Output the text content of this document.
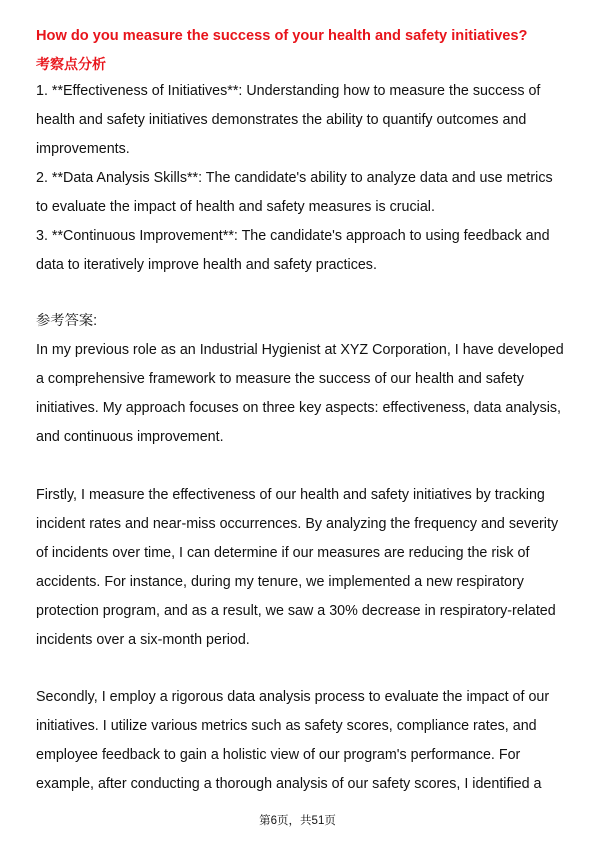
How do you measure the success of your health and safety initiatives?
考察点分析

1. **Effectiveness of Initiatives**: Understanding how to measure the success of health and safety initiatives demonstrates the ability to quantify outcomes and improvements.

2. **Data Analysis Skills**: The candidate's ability to analyze data and use metrics to evaluate the impact of health and safety measures is crucial.

3. **Continuous Improvement**: The candidate's approach to using feedback and data to iteratively improve health and safety practices.

参考答案:

In my previous role as an Industrial Hygienist at XYZ Corporation, I have developed a comprehensive framework to measure the success of our health and safety initiatives. My approach focuses on three key aspects: effectiveness, data analysis, and continuous improvement.

Firstly, I measure the effectiveness of our health and safety initiatives by tracking incident rates and near-miss occurrences. By analyzing the frequency and severity of incidents over time, I can determine if our measures are reducing the risk of accidents. For instance, during my tenure, we implemented a new respiratory protection program, and as a result, we saw a 30% decrease in respiratory-related incidents over a six-month period.

Secondly, I employ a rigorous data analysis process to evaluate the impact of our initiatives. I utilize various metrics such as safety scores, compliance rates, and employee feedback to gain a holistic view of our program's performance. For example, after conducting a thorough analysis of our safety scores, I identified a

第6页，共51页
